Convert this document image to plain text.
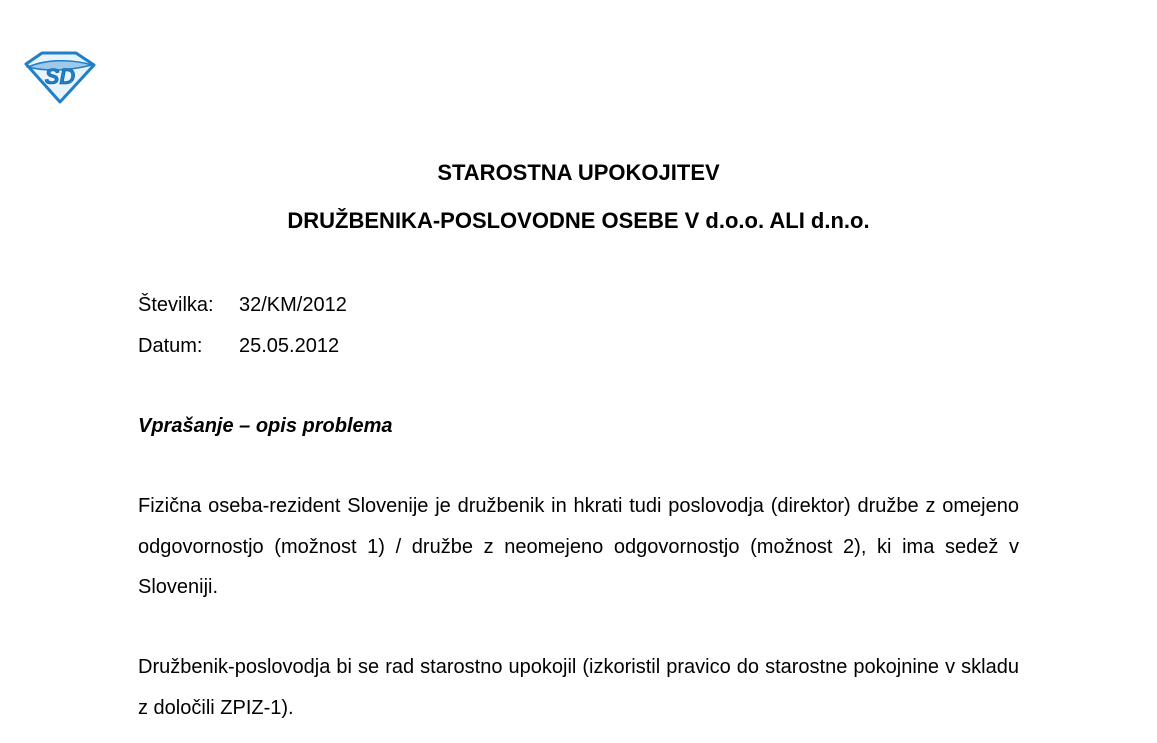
SD
STAROSTNA UPOKOJITEV
DRUŽBENIKA-POSLOVODNE OSEBE V d.o.o. ALI d.n.o.
Številka: 32/KM/2012
Datum: 25.05.2012
Vprašanje – opis problema

Fizična oseba-rezident Slovenije je družbenik in hkrati tudi poslovodja (direktor) družbe z omejeno odgovornostjo (možnost 1) / družbe z neomejeno odgovornostjo (možnost 2), ki ima sedež v Sloveniji.

Družbenik-poslovodja bi se rad starostno upokojil (izkoristil pravico do starostne pokojnine v skladu z določili ZPIZ-1).
